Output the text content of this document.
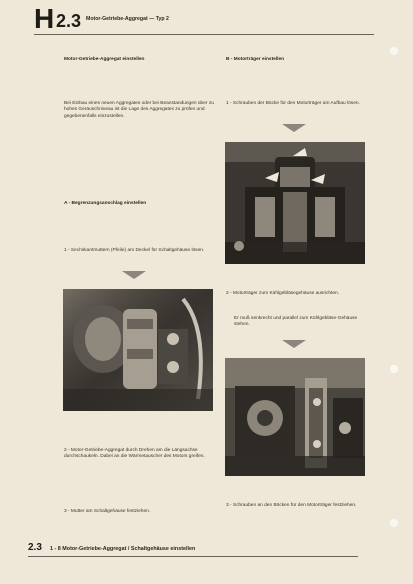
H 2.3 Motor-Getriebe-Aggregat — Typ 2
Motor-Getriebe-Aggregat einstellen
Bei Einbau eines neuen Aggregates oder bei Beanstandungen über zu hohes Geräuschniveau ist die Lage des Aggregates zu prüfen und gegebenenfalls einzustellen.
A - Begrenzungsanschlag einstellen
1 - Sechskantmuttern (Pfeile) am Deckel für Schaltgehäuse lösen.
2 - Motor-Getriebe-Aggregat durch Drehen am die Längsachse durchschaukeln. Dabei an die Wärmetauscher des Motors greifen.
3 - Mutter am Schaltgehäuse festziehen.
B - Motorträger einstellen
1 - Schrauben der Böcke für den Motorträger am Aufbau lösen.
2 - Motorträger zum Kühlgebläsegehäuse ausrichten.
Er muß senkrecht und parallel zum Kühlgebläse-Gehäuse stehen.
3 - Schrauben an den Böcken für den Motorträger festziehen.
2.3 1 - 8 Motor-Getriebe-Aggregat / Schaltgehäuse einstellen
